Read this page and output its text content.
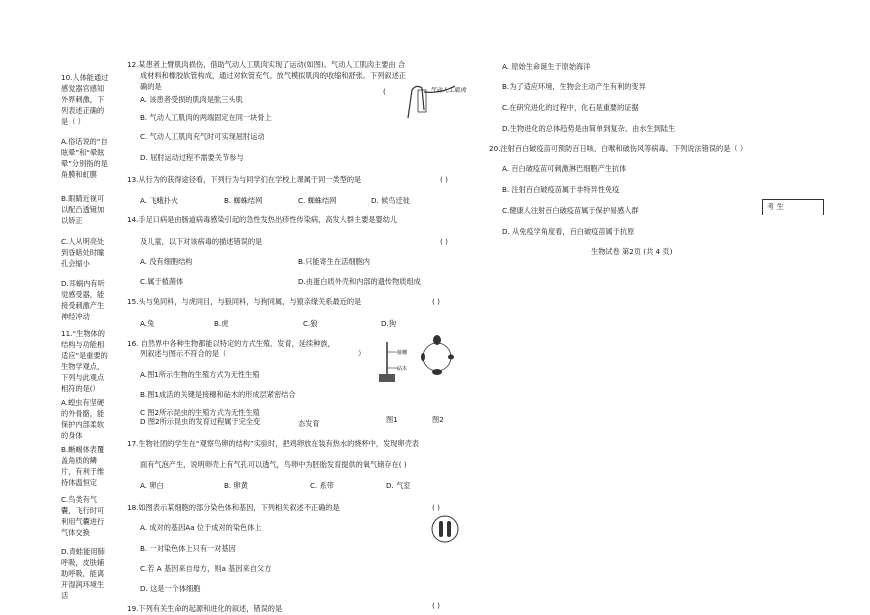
10.人体能通过感觉器官感知外界刺激，下列表述正确的是（ ）
A.俗话说的“自眩晕”和“晕眩晕”分别指的是角膜和虹膜
B.眼睛近视可以配凸透镜加以矫正
C.人从明亮处到昏暗处时瞳孔会缩小
D.耳蜗内有听觉感受器，能接受刺激产生神经冲动
11.“生物体的结构与功能相适应”是重要的生物学观点，下列与此观点相符的是(）
A.蝗虫有坚硬的外骨骼，能保护内部柔软的身体
B.蜥蜴体表覆盖角质的鳞片，有利于维持体温恒定
C.鸟类有气囊，飞行时可利用气囊进行气体交换
D.青蛙能用肺呼吸，皮肤辅助呼吸，能离开湿润环境生活
12.某患者上臂肌肉损伤，借助气动人工肌肉实现了运动(如图)。气动人工肌肉主要由 合
成材料和橡胶软管构成，通过对软管充气、放气模拟肌肉的收缩和舒张。下列叙述正
确的是
(	气动人工肌肉
A. 该患者受损的肌肉是肱三头肌
B. 气动人工肌肉的两端固定在同一块骨上
C. 气动人工肌肉充气时可实现屈肘运动
D. 屈肘运动过程不需要关节参与
13.从行为的获得途径看，下列行为与同学们在学校上课属于同一类型的是	( )
A. 飞蛾扑火	B. 蜘蛛结网	C. 蜘蛛结网	D. 候鸟迁徙
14.手足口病是由肠道病毒感染引起的急性发热出疹性传染病，高发人群主要是婴幼儿
及儿童，以下对该病毒的描述错误的是	( )
A. 没有细胞结构	B.只能寄生在活细胞内
C.属于植菌体	D.由蛋白质外壳和内部的遗传物质组成
15.头与兔同科，与虎同目，与狼同科，与狗同属，与猿亲缘关系最近的是	( )
A.兔	B.虎	C.狼	D.狗
16. 自然界中各种生物都能以特定的方式生殖、发育，延续种族，
列叙述与图示不符合的是（	）	接穗
砧木
A.图1所示生物的生殖方式为无性生殖
B.图1成活的关键是接穗和砧木的形成层紧密结合
C 图2所示昆虫的生殖方式为无性生殖
D 图2所示昆虫的发育过程属于完全变	态发育	图1	图2
17.生物社团的学生在“观察鸟卵的结构”实验时，把鸡卵放在装有热水的烧杯中，发现卵壳表
面有气泡产生，说明卵壳上有气孔可以透气，鸟卵中为胚胎发育提供的氧气储存在( )
A. 卵白	B. 卵黄	C. 系带	D. 气室
18.如图表示某细胞的部分染色体和基因，下列相关叙述不正确的是	( )
A. 成对的基因Aa 位于成对的染色体上
B. 一对染色体上只有一对基因
C.若 A 基因来自母方，则a 基因来自父方
D. 这是一个体细胞
19.下列有关生命的起源和进化的叙述，错误的是	( )
A. 原始生命诞生于原始海洋
B.为了适应环境，生物会主动产生有利的变异
C.在研究进化的过程中，化石是重要的证据
D.生物进化的总体趋势是由简单到复杂、由水生到陆生
20.注射百白破疫苗可预防百日咳、白喉和破伤风等病毒。下列说法错误的是（ ）
A. 百白破疫苗可刺激淋巴细胞产生抗体
B. 注射百白破疫苗属于非特异性免疫
C.健康人注射百白破疫苗属于保护易感人群
D. 从免疫学角度看，百白破疫苗属于抗原
考 生
生物试卷 第2页 (共 4 页)
